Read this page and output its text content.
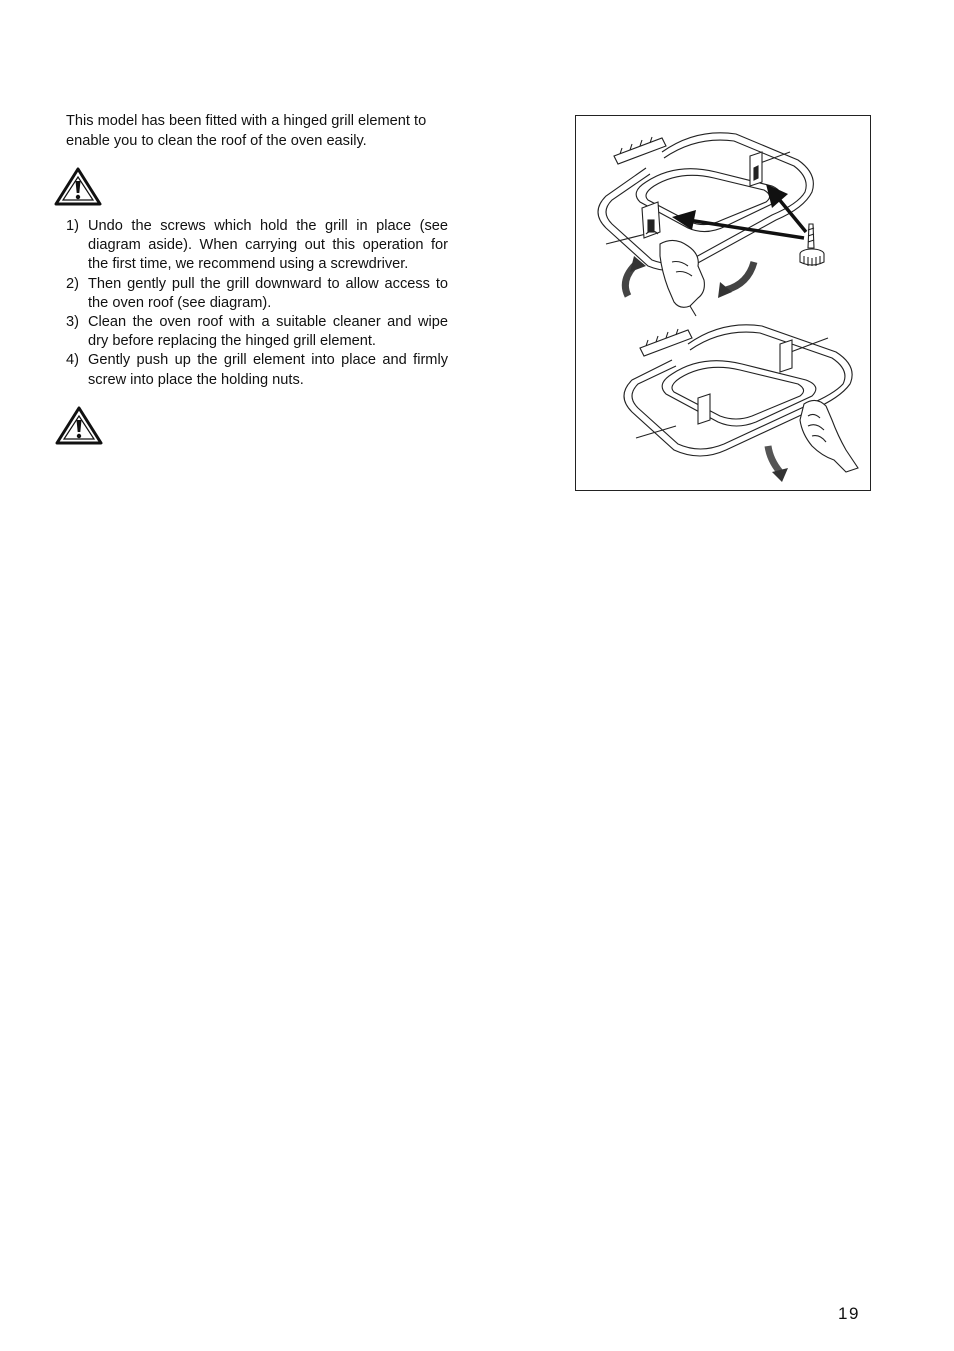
This model has been fitted with a hinged grill element to enable you to clean the roof of the oven easily.

1) Undo the screws which hold the grill in place (see diagram aside). When carrying out this operation for the first time, we recommend using a screwdriver.
2) Then gently pull the grill downward to allow access to the oven roof (see diagram).
3) Clean the oven roof with a suitable cleaner and wipe dry before replacing the hinged grill element.
4) Gently push up the grill element into place and firmly screw into place the holding nuts.
19
